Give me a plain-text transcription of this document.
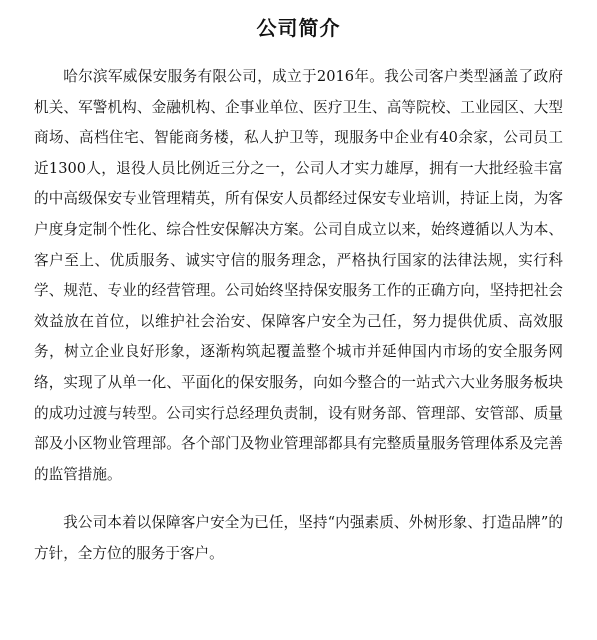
公司简介

哈尔滨军威保安服务有限公司，成立于2016年。我公司客户类型涵盖了政府机关、军警机构、金融机构、企事业单位、医疗卫生、高等院校、工业园区、大型商场、高档住宅、智能商务楼，私人护卫等，现服务中企业有40余家，公司员工近1300人，退役人员比例近三分之一，公司人才实力雄厚，拥有一大批经验丰富的中高级保安专业管理精英，所有保安人员都经过保安专业培训，持证上岗，为客户度身定制个性化、综合性安保解决方案。公司自成立以来，始终遵循以人为本、客户至上、优质服务、诚实守信的服务理念，严格执行国家的法律法规，实行科学、规范、专业的经营管理。公司始终坚持保安服务工作的正确方向，坚持把社会效益放在首位，以维护社会治安、保障客户安全为己任，努力提供优质、高效服务，树立企业良好形象，逐渐构筑起覆盖整个城市并延伸国内市场的安全服务网络，实现了从单一化、平面化的保安服务，向如今整合的一站式六大业务服务板块的成功过渡与转型。公司实行总经理负责制，设有财务部、管理部、安管部、质量部及小区物业管理部。各个部门及物业管理部都具有完整质量服务管理体系及完善的监管措施。

我公司本着以保障客户安全为已任，坚持“内强素质、外树形象、打造品牌”的方针，全方位的服务于客户。
